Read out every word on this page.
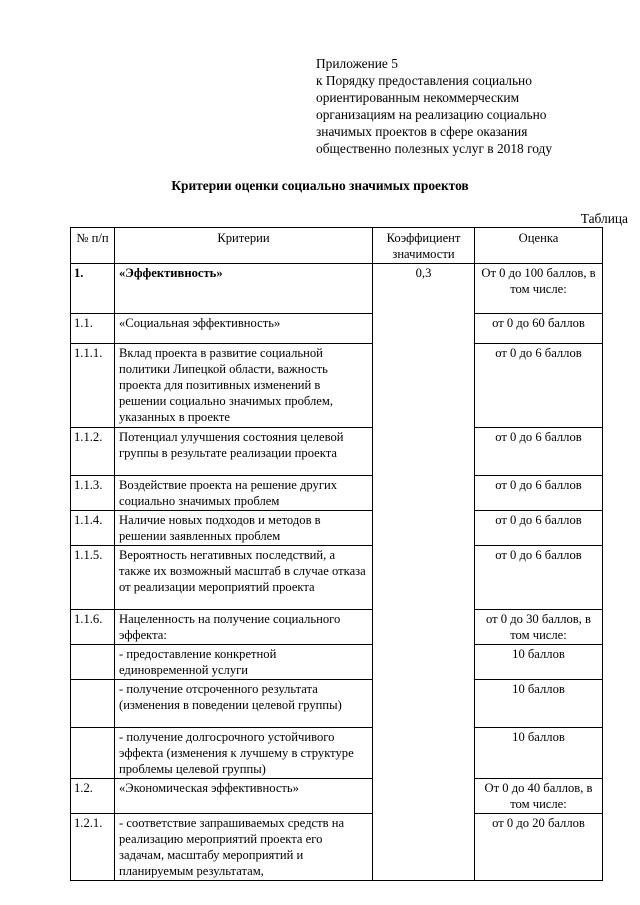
Приложение 5
к Порядку предоставления социально
ориентированным некоммерческим
организациям на реализацию социально
значимых проектов в сфере оказания
общественно полезных услуг в 2018 году
Критерии оценки социально значимых проектов
Таблица
№ п/п	Критерии	Коэффициент значимости	Оценка
1.	«Эффективность»	0,3	От 0 до 100 баллов, в том числе:
1.1.	«Социальная эффективность»		от 0 до 60 баллов
1.1.1.	Вклад проекта в развитие социальной политики Липецкой области, важность проекта для позитивных изменений в решении социально значимых проблем, указанных в проекте		от 0 до 6 баллов
1.1.2.	Потенциал улучшения состояния целевой группы в результате реализации проекта		от 0 до 6 баллов
1.1.3.	Воздействие проекта на решение других социально значимых проблем		от 0 до 6 баллов
1.1.4.	Наличие новых подходов и методов в решении заявленных проблем		от 0 до 6 баллов
1.1.5.	Вероятность негативных последствий, а также их возможный масштаб в случае отказа от реализации мероприятий проекта		от 0 до 6 баллов
1.1.6.	Нацеленность на получение социального эффекта:		от 0 до 30 баллов, в том числе:
	- предоставление конкретной единовременной услуги		10 баллов
	- получение отсроченного результата (изменения в поведении целевой группы)		10 баллов
	- получение долгосрочного устойчивого эффекта (изменения к лучшему в структуре проблемы целевой группы)		10 баллов
1.2.	«Экономическая эффективность»		От 0 до 40 баллов, в том числе:
1.2.1.	- соответствие запрашиваемых средств на реализацию мероприятий проекта его задачам, масштабу мероприятий и планируемым результатам,		от 0 до 20 баллов
